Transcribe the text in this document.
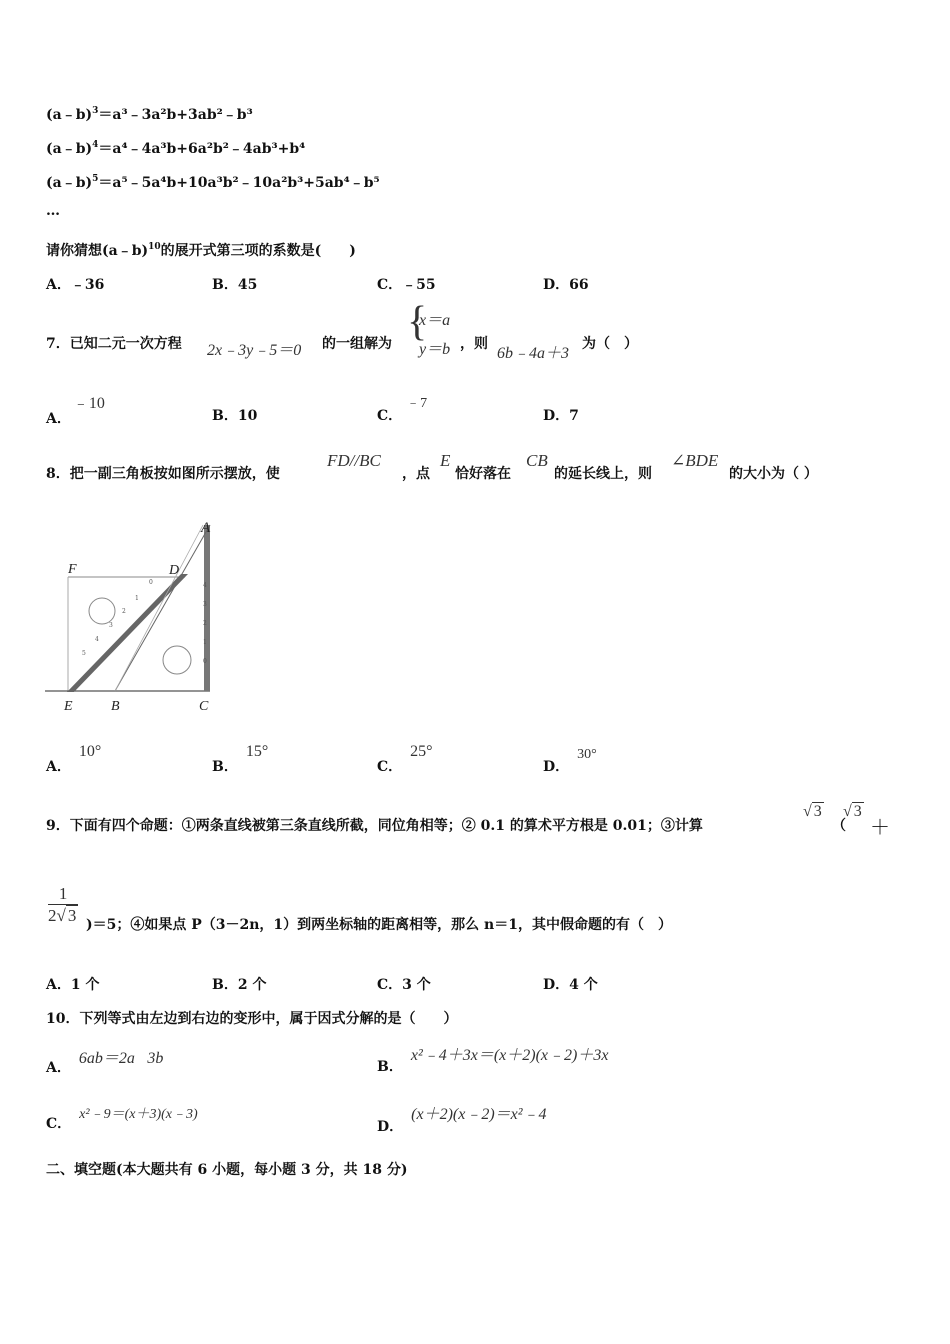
(a﹣b)$^3$＝a³﹣3a²b+3ab²﹣b³
(a﹣b)$^4$＝a⁴﹣4a³b+6a²b²﹣4ab³+b⁴
(a﹣b)$^5$＝a⁵﹣5a⁴b+10a³b²﹣10a²b³+5ab⁴﹣b⁵
…
请你猜想(a﹣b)$^{10}$的展开式第三项的系数是(　　)
A．﹣36	B．45	C．﹣55	D．66
7．已知二元一次方程 2x﹣3y﹣5＝0 的一组解为 {
x＝a
y＝b ，则
6b﹣4a＋3
为（　）
A．﹣10
B．10	C．﹣7
D．7
8．把一副三角板按如图所示摆放，使
FD//BC
，点
E
恰好落在
CB
的延长线上，则
∠BDE
的大小为（ ）
0
1
2
3
4
5
4
3
2
1
0
A
F	D
E	B	C
A．10°
B．15°
C．25°
D．30°
9．下面有四个命题：①两条直线被第三条直线所截，同位角相等；② 0.1 的算术平方根是 0.01；③计算
√ 3
（
√ 3
＋
$\frac{1}{2√ 3} )=5$；④如果点 P（3－2n，1）到两坐标轴的距离相等，那么 n＝1，其中假命题的有（　）
A．1 个	B．2 个	C．3 个	D．4 个
10．下列等式由左边到右边的变形中，属于因式分解的是（　　）
A．6ab＝2a􀀀3b	B．x²﹣4＋3x＝(x＋2)(x﹣2)＋3x
C．x²﹣9＝(x＋3)(x﹣3)
D．(x＋2)(x﹣2)＝x²﹣4
二、填空题(本大题共有 6 小题，每小题 3 分，共 18 分)
